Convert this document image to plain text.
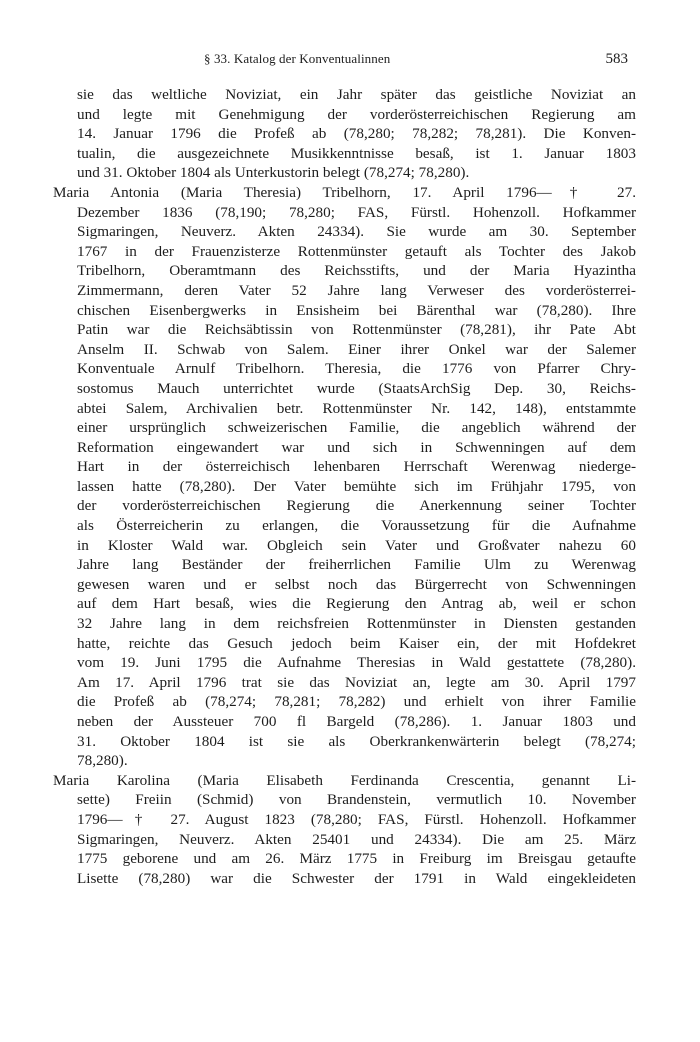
§ 33. Katalog der Konventualinnen	583
sie das weltliche Noviziat, ein Jahr später das geistliche Noviziat an
und legte mit Genehmigung der vorderösterreichischen Regierung am
14. Januar 1796 die Profeß ab (78,280; 78,282; 78,281). Die Konven-
tualin, die ausgezeichnete Musikkenntnisse besaß, ist 1. Januar 1803
und 31. Oktober 1804 als Unterkustorin belegt (78,274; 78,280).
Maria Antonia (Maria Theresia) Tribelhorn, 17. April 1796—† 27.
Dezember 1836 (78,190; 78,280; FAS, Fürstl. Hohenzoll. Hofkammer
Sigmaringen, Neuverz. Akten 24334). Sie wurde am 30. September
1767 in der Frauenzisterze Rottenmünster getauft als Tochter des Jakob
Tribelhorn, Oberamtmann des Reichsstifts, und der Maria Hyazintha
Zimmermann, deren Vater 52 Jahre lang Verweser des vorderösterrei-
chischen Eisenbergwerks in Ensisheim bei Bärenthal war (78,280). Ihre
Patin war die Reichsäbtissin von Rottenmünster (78,281), ihr Pate Abt
Anselm II. Schwab von Salem. Einer ihrer Onkel war der Salemer
Konventuale Arnulf Tribelhorn. Theresia, die 1776 von Pfarrer Chry-
sostomus Mauch unterrichtet wurde (StaatsArchSig Dep. 30, Reichs-
abtei Salem, Archivalien betr. Rottenmünster Nr. 142, 148), entstammte
einer ursprünglich schweizerischen Familie, die angeblich während der
Reformation eingewandert war und sich in Schwenningen auf dem
Hart in der österreichisch lehenbaren Herrschaft Werenwag niederge-
lassen hatte (78,280). Der Vater bemühte sich im Frühjahr 1795, von
der vorderösterreichischen Regierung die Anerkennung seiner Tochter
als Österreicherin zu erlangen, die Voraussetzung für die Aufnahme
in Kloster Wald war. Obgleich sein Vater und Großvater nahezu 60
Jahre lang Beständer der freiherrlichen Familie Ulm zu Werenwag
gewesen waren und er selbst noch das Bürgerrecht von Schwenningen
auf dem Hart besaß, wies die Regierung den Antrag ab, weil er schon
32 Jahre lang in dem reichsfreien Rottenmünster in Diensten gestanden
hatte, reichte das Gesuch jedoch beim Kaiser ein, der mit Hofdekret
vom 19. Juni 1795 die Aufnahme Theresias in Wald gestattete (78,280).
Am 17. April 1796 trat sie das Noviziat an, legte am 30. April 1797
die Profeß ab (78,274; 78,281; 78,282) und erhielt von ihrer Familie
neben der Aussteuer 700 fl Bargeld (78,286). 1. Januar 1803 und
31. Oktober 1804 ist sie als Oberkrankenwärterin belegt (78,274;
78,280).
Maria Karolina (Maria Elisabeth Ferdinanda Crescentia, genannt Li-
sette) Freiin (Schmid) von Brandenstein, vermutlich 10. November
1796—† 27. August 1823 (78,280; FAS, Fürstl. Hohenzoll. Hofkammer
Sigmaringen, Neuverz. Akten 25401 und 24334). Die am 25. März
1775 geborene und am 26. März 1775 in Freiburg im Breisgau getaufte
Lisette (78,280) war die Schwester der 1791 in Wald eingekleideten
